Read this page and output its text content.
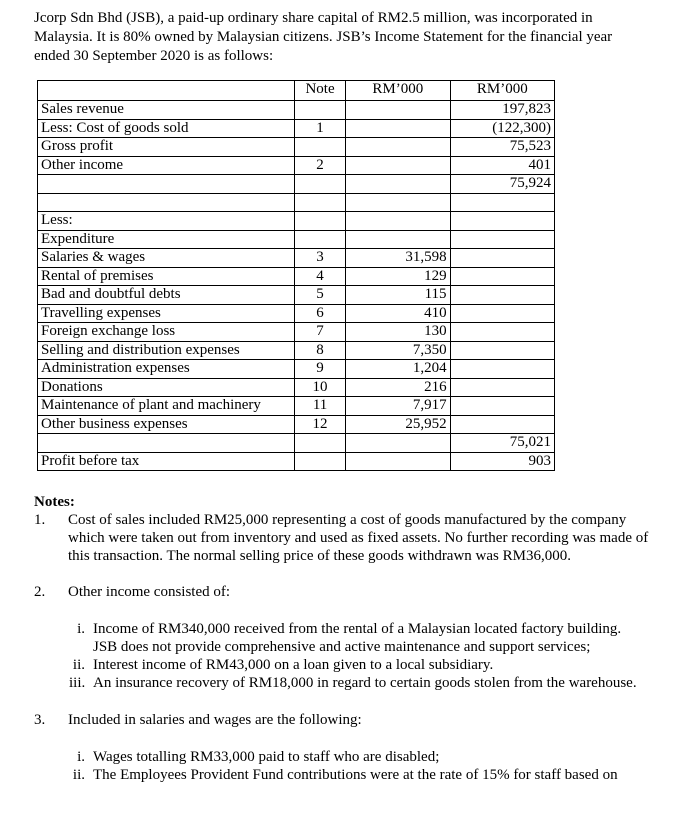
Jcorp Sdn Bhd (JSB), a paid-up ordinary share capital of RM2.5 million, was incorporated in Malaysia. It is 80% owned by Malaysian citizens. JSB’s Income Statement for the financial year ended 30 September 2020 is as follows:
	Note	RM’000	RM’000
Sales revenue			197,823
Less: Cost of goods sold	1		(122,300)
Gross profit			75,523
Other income	2		401
			75,924

Less:			
Expenditure			
Salaries & wages	3	31,598	
Rental of premises	4	129	
Bad and doubtful debts	5	115	
Travelling expenses	6	410	
Foreign exchange loss	7	130	
Selling and distribution expenses	8	7,350	
Administration expenses	9	1,204	
Donations	10	216	
Maintenance of plant and machinery	11	7,917	
Other business expenses	12	25,952	
			75,021
Profit before tax			903
Notes:
1. Cost of sales included RM25,000 representing a cost of goods manufactured by the company which were taken out from inventory and used as fixed assets. No further recording was made of this transaction. The normal selling price of these goods withdrawn was RM36,000.
2. Other income consisted of:
i. Income of RM340,000 received from the rental of a Malaysian located factory building. JSB does not provide comprehensive and active maintenance and support services;
ii. Interest income of RM43,000 on a loan given to a local subsidiary.
iii. An insurance recovery of RM18,000 in regard to certain goods stolen from the warehouse.
3. Included in salaries and wages are the following:
i. Wages totalling RM33,000 paid to staff who are disabled;
ii. The Employees Provident Fund contributions were at the rate of 15% for staff based on
